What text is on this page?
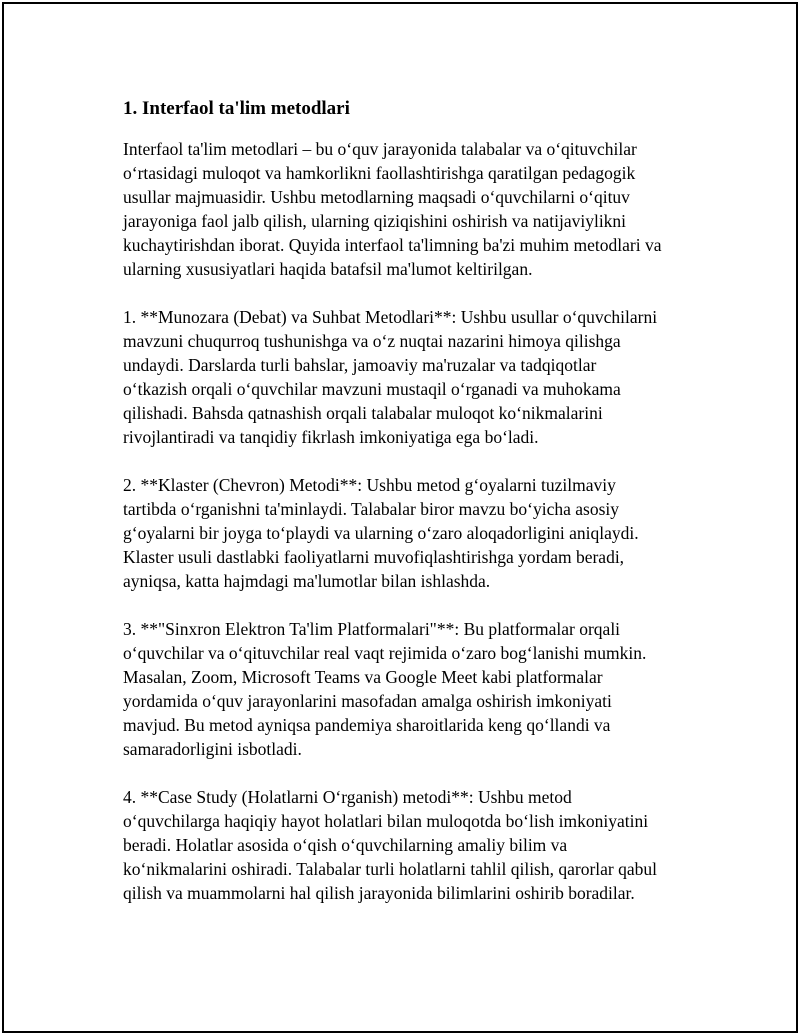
1. Interfaol ta'lim metodlari

Interfaol ta'lim metodlari – bu o‘quv jarayonida talabalar va o‘qituvchilar
o‘rtasidagi muloqot va hamkorlikni faollashtirishga qaratilgan pedagogik
usullar majmuasidir. Ushbu metodlarning maqsadi o‘quvchilarni o‘qituv
jarayoniga faol jalb qilish, ularning qiziqishini oshirish va natijaviylikni
kuchaytirishdan iborat. Quyida interfaol ta'limning ba'zi muhim metodlari va
ularning xususiyatlari haqida batafsil ma'lumot keltirilgan.

1. **Munozara (Debat) va Suhbat Metodlari**: Ushbu usullar o‘quvchilarni
mavzuni chuqurroq tushunishga va o‘z nuqtai nazarini himoya qilishga
undaydi. Darslarda turli bahslar, jamoaviy ma'ruzalar va tadqiqotlar
o‘tkazish orqali o‘quvchilar mavzuni mustaqil o‘rganadi va muhokama
qilishadi. Bahsda qatnashish orqali talabalar muloqot ko‘nikmalarini
rivojlantiradi va tanqidiy fikrlash imkoniyatiga ega bo‘ladi.

2. **Klaster (Chevron) Metodi**: Ushbu metod g‘oyalarni tuzilmaviy
tartibda o‘rganishni ta'minlaydi. Talabalar biror mavzu bo‘yicha asosiy
g‘oyalarni bir joyga to‘playdi va ularning o‘zaro aloqadorligini aniqlaydi.
Klaster usuli dastlabki faoliyatlarni muvofiqlashtirishga yordam beradi,
ayniqsa, katta hajmdagi ma'lumotlar bilan ishlashda.

3. **"Sinxron Elektron Ta'lim Platformalari"**: Bu platformalar orqali
o‘quvchilar va o‘qituvchilar real vaqt rejimida o‘zaro bog‘lanishi mumkin.
Masalan, Zoom, Microsoft Teams va Google Meet kabi platformalar
yordamida o‘quv jarayonlarini masofadan amalga oshirish imkoniyati
mavjud. Bu metod ayniqsa pandemiya sharoitlarida keng qo‘llandi va
samaradorligini isbotladi.

4. **Case Study (Holatlarni O‘rganish) metodi**: Ushbu metod
o‘quvchilarga haqiqiy hayot holatlari bilan muloqotda bo‘lish imkoniyatini
beradi. Holatlar asosida o‘qish o‘quvchilarning amaliy bilim va
ko‘nikmalarini oshiradi. Talabalar turli holatlarni tahlil qilish, qarorlar qabul
qilish va muammolarni hal qilish jarayonida bilimlarini oshirib boradilar.
